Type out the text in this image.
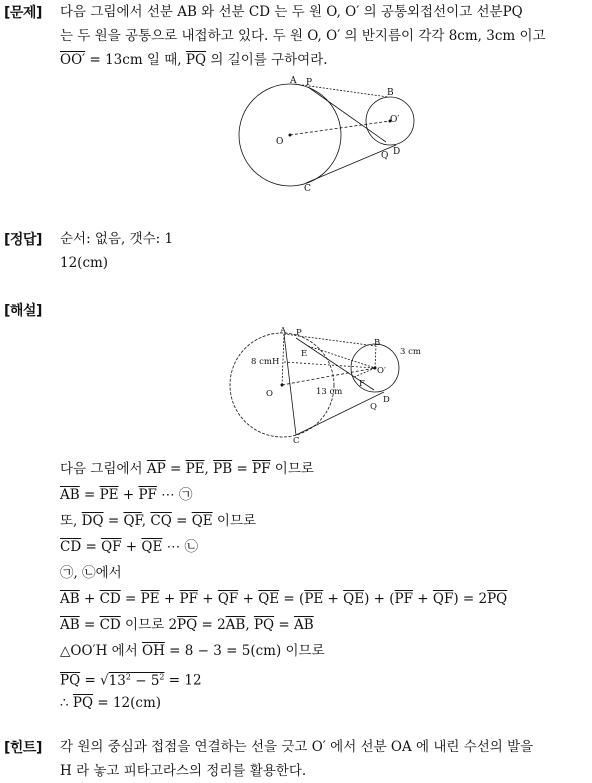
[문제] 다음 그림에서 선분 AB 와 선분 CD 는 두 원 O, O′ 의 공통외접선이고 선분PQ
는 두 원을 공통으로 내접하고 있다. 두 원 O, O′ 의 반지름이 각각 8cm, 3cm 이고
OO′ = 13cm 일 때, $\overline{PQ}$ 의 길이를 구하여라.
A P
B
O
O′
Q D
C
[정답] 순서: 없음, 갯수: 1
12(cm)
[해설]
A P
B
E
8 cm H
3 cm
13 cm
F
O
O′
Q
D
C
다음 그림에서 $\overline{AP} = \overline{PE}$, $\overline{PB} = \overline{PF}$ 이므로
$\overline{AB} = \overline{PE} + \overline{PF}$ ⋯ ㉠
또, $\overline{DQ} = \overline{QF}$, $\overline{CQ} = \overline{QE}$ 이므로
$\overline{CD} = \overline{QF} + \overline{QE}$ ⋯ ㉡
㉠, ㉡에서
$\overline{AB} + \overline{CD} = \overline{PE} + \overline{PF} + \overline{QF} + \overline{QE} = (\overline{PE} + \overline{QE}) + (\overline{PF} + \overline{QF}) = 2\overline{PQ}$
$\overline{AB} = \overline{CD}$ 이므로 $2\overline{PQ} = 2\overline{AB}$, $\overline{PQ} = \overline{AB}$
△OO′H 에서 $\overline{OH} = 8 - 3 = 5(cm)$ 이므로
$\overline{PQ} = √13^2 - 5^2 = 12$
∴ $\overline{PQ} = 12(cm)$
[힌트] 각 원의 중심과 접점을 연결하는 선을 긋고 O′ 에서 선분 OA 에 내린 수선의 발을
H 라 놓고 피타고라스의 정리를 활용한다.
